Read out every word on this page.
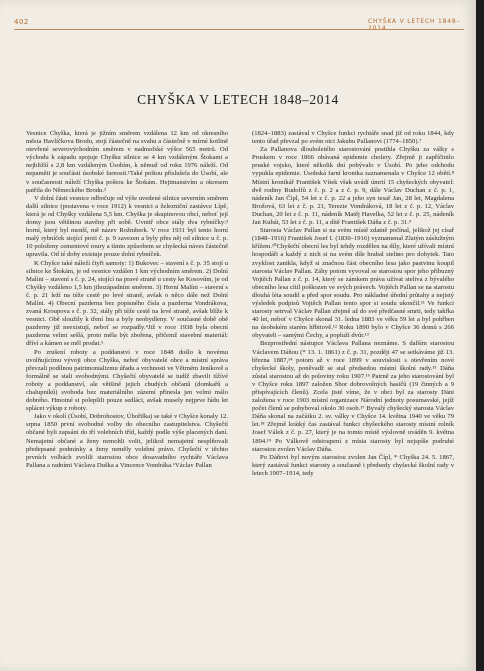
402	CHYŠKA V LETECH 1848–
CHYŠKA V LETECH 1848–2014

Vesnice Chyška, která je jižním směrem vzdálena 12 km od okresního města Havlíčkova Brodu, stojí částečně na svahu a částečně v mírné kotlině otevřené severovýchodním směrem v nadmořské výšce 565 metrů. Od východu k západu spojuje Chyšku silnice se 4 km vzdáleným Štokami a nejbližší s 2,8 km vzdáleným Úsobím, k němuž od roku 1976 náleží. Od nepaměti je součástí úsobské farnosti.¹Také poštou příslušela do Úsobí, ale v současnosti náleží Chyška poštou ke Štokám. Hejtmanstvím a okresem patřila do Německého Brodu.²

V dolní části vesnice odbočuje od výše uvedené silnice severním směrem další silnice (postavena v roce 1912) k vesnici a železniční zastávce Lípě, která je od Chyšky vzdálena 5,5 km. Chyška je skupinovou obcí, neboť její domy jsou většinou stavěny při sobě. Uvnitř obce stály dva rybníčky:³ horní, který byl menší, mě název Rožmberk. V roce 1931 byl tento horní malý rybníček stojící proti č. p. 9 zavezen a byly přes něj od silnice u č. p. 10 položeny cementové roury a tímto způsobem se chyšecká náves částečně upravila. Od té doby existuje pouze dolní rybníček.

K Chyšce také náleží čtyři samoty: 1) Bukovec – stavení s č. p. 35 stojí u silnice ke Štokám, je od vesnice vzdálen 1 km východním směrem. 2) Dolní Malíni – stavení s č. p. 24, stojící na pravé straně u cesty ke Kosovům, je od Chyšky vzdáleno 1,5 km jihozápadním směrem. 3) Horní Malíni – stavení s č. p. 21 leží na téže cestě po levé straně, avšak o něco dále než Dolní Malíni. 4) Obecní pazderna bez popisného čísla a pazderna Vondrákova, zvaná Kroupova s č. p. 32, stály při téže cestě na levé straně, avšak blíže k vesnici. Obě sloužily k tření lnu a byly neobydleny. V současné době obě pazderny již neexistují, neboť se rozpadly.⁴Již v roce 1938 byla obecní pazderna velmi sešlá, proto měla být zbořena, přičemž stavební materiál: dříví a kámen se měl prodat.⁵

Po zrušení roboty a poddanství v roce 1848 došlo k novému uvolňujícímu vývoji obce Chyška, neboť obyvatelé obce a místní správa převzali podílnou patrimonializmu úřadu a vrchnosti ve Větrném Jeníkově a formálně se stali svobodnými. Chyšečtí obyvatelé se tudíž zbavili tížívé roboty a poddanství, ale většině jejich chudých občanů (domkařů a chalupníků) svoboda bez materiálního zázemí přinesla jen velmi málo dobrého. Hmotné si polepšili pouze sedláci, avšak musely nejprve řádu let splácet výkup z roboty.

Jako v okolí (Úsobí, Dobrohostov, Úhořilka) se také v Chyšce konaly 12. srpna 1850 první svobodné volby do obecního zastupitelstva. Chyšečtí občané byli zapsáni do tří volebních tříd, každý podle výše placených daní. Nemajetní občané a ženy nemohli volit, jelikož nemajetní nesplňovali předepsané podmínky a ženy neměly volební právo. Chyšečtí v těchto prvních volbách zvolili starostou obce dosavadního rychtáře Václava Pallana a radními Václava Duška a Vincence Vondráka.⁶Václav Pallan

(1824–1883) zastával v Chyšce funkci rychtáře snad již od roku 1844, kdy tento úřad převzal po svém otci Jakubu Pallanovi (1774–1850).⁷

Za Pallanova dlouholetého starostování postihla Chyšku za války s Pruskem v roce 1866 obávaná epidemie cholery. Zřejmě ji zapříčinilo pruské vojsko, které několik dní pobývalo v Úsobí. Po jeho odchodu vypukla epidemie. Úsobská farní kronika zaznamenala v Chyšce 12 obětí.⁸ Místní kronikář František Vítek však uvádí úmrtí 15 chyšeckých obyvatel: dvě rodiny Rudolfů z č. p. 2 a z č. p. 9, dále Václav Duchan z č. p. 1, nádeník Jan Čípl, 54 let z č. p. 22 a jeho syn tesař Jan, 28 let, Magdalena Brožová, 63 let z č. p. 21, Terezie Vondráková, 18 let z č. p. 12, Václav Duchan, 20 let z č. p. 11, nádeník Matěj Havelka, 52 let z č. p. 25, nádeník Jan Kubát, 53 let z č. p. 11, a dítě František Dáňa z č. p. 31.⁹

Starosta Václav Pallan si na svém místě zdatně počínal, jelikož jej císař (1848–1916) František Josef I. (1830–1916) vyznamenal Zlatým záslužným křížem.¹⁰Chyšečtí obecní les byl tehdy rozdělen na díly, které užívali místní hospodáři a každý z nich si na svém díle hrabal steliво pro dobytek. Tato zvyklost zanikla, když si značnou část obecního lesa jako pastvinu koupil starosta Václav Pallan. Záhy potom vyvoval se starostou spor jeho příbuzný Vojtěch Pallan z č. p. 14, který se zámkem práva užívat steliva z bývalého obecního lesa cítil poškozen ve svých právech. Vojtěch Pallan se na starostu dlouhá léta soudil a před spor soudu. Pro nákladné úřední průtahy a nejistý výsledek podpisů Vojtěch Pallan tento spor si soudu ukončil.¹¹ Ve funkci starosty setrval Václav Pallan zřejmě až do své předčasné smrti, tedy takřka 40 let, neboť v Chyšce skonal 31. ledna 1883 ve věku 59 let a byl pohřben na úsobském starém hřbitově.¹² Roku 1890 bylo v Chyšce 36 domů s 266 obyvateli – samými Čechy, a popluží dvůr.¹³

Bezprostřední nástupce Václava Pallana neznáme. S dalším starostou Václavem Dáňou (* 13. 1. 1861) z č. p. 31, později 47 se setkáváme již 13. března 1887,¹⁴ potom až v roce 1899 v souvislosti s otevřením nové chyšecké školy, poněvadž se stal předsedou místní školní rady.¹⁵ Dáňa zůstal starostou až do poloviny roku 1907.¹⁶ Patrně za jeho starostování byl v Chyšce roku 1897 založen Sbor dobrovolných hasičů (19 činných a 9 přispívajících členů). Zcela jisté víme, že v obci byl za starosty Dáni založena v roce 1903 místní organizace Národní jednoty posumavské, jejíž počet členů se pohyboval okolo 30 osob.¹⁷ Byvalý chyšecký starosta Václav Dáňa skonal na začátku 2. sv. války v Chyšce 14. května 1940 ve věku 79 let.¹⁸ Zřejmě krátký čas zastával funkci chyšeckého starosty místní rolník Josef Válek z č. p. 27, který je na tomto místě výslovně uváděn 9. května 1894.¹⁹ Po Válkově odstoupení z místa starosty byl nejspíše podruhé starostou zvolen Václav Dáňa.

Po Dáňovi byl novým starostou zvolen Jan Čípl, * Chyška 24. 5. 1867, který zastával funkci starosty a současně i předsedy chyšecké školní rady v letech 1907–1914, tedy
